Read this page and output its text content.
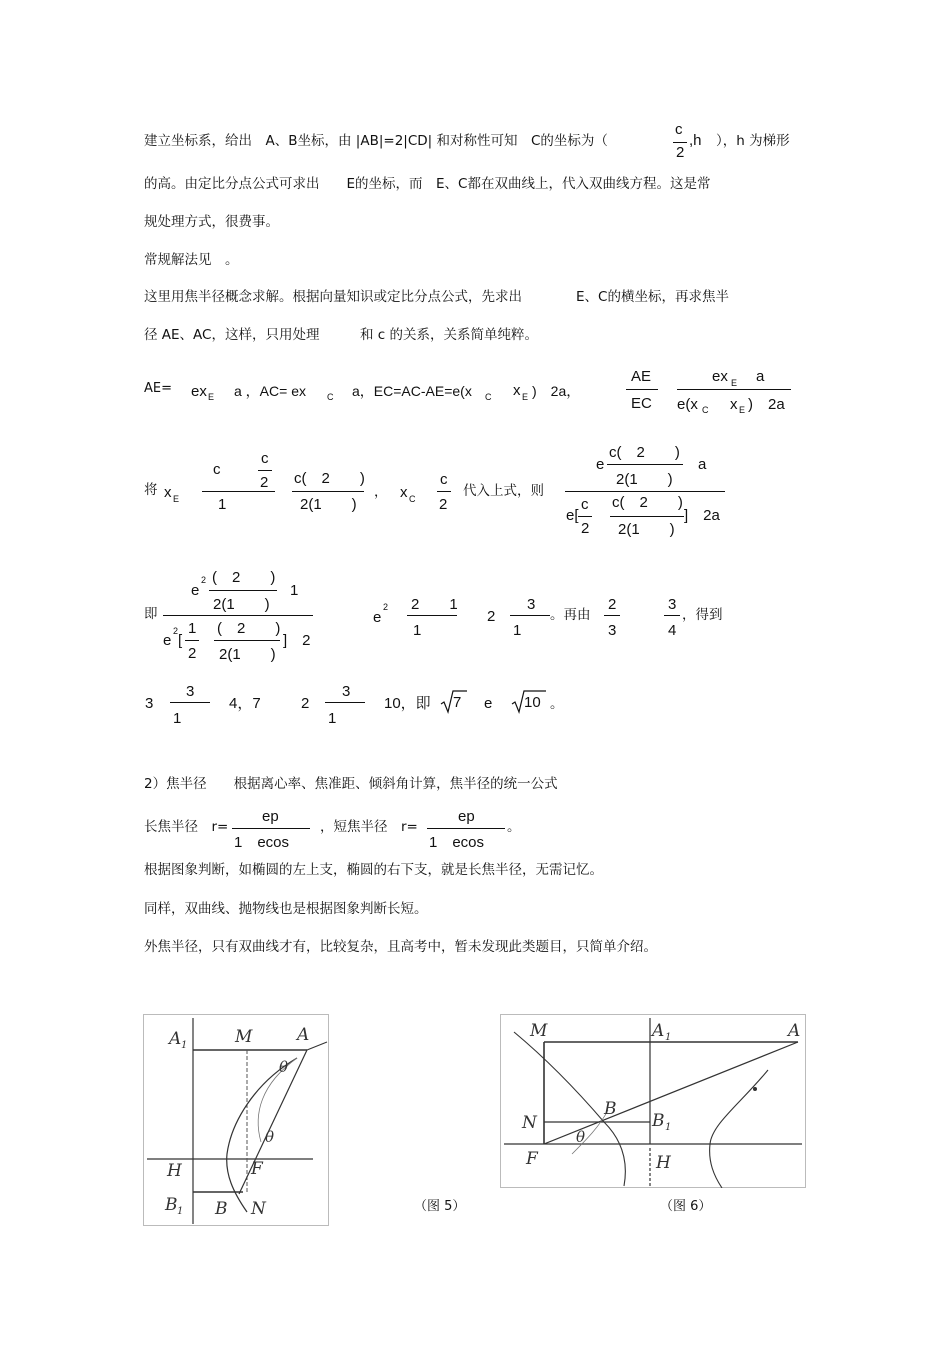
建立坐标系，给出　A、B坐标，由 |AB|=2|CD| 和对称性可知　C的坐标为（
c
2
,h ），h 为梯形
的高。由定比分点公式可求出　　E的坐标，而　E、C都在双曲线上，代入双曲线方程。这是常
规处理方式，很费事。
常规解法见　。
这里用焦半径概念求解。根据向量知识或定比分点公式，先求出　　　　E、C的横坐标，再求焦半
径 AE、AC，这样，只用处理　　　和 c 的关系，关系简单纯粹。
AE= ex E a ，AC= ex C a，EC=AC-AE=e(x C x E )　2a，
AE
EC
ex E a
e(x C x E )　2a
将 x E
c
c
2
1
c(　2　　)
2(1　　)
， x C
c
2
代入上式，则
e
c(　2　　)
2(1　　)
a
e[
c
2
c(　2　　)
2(1　　)
]　2a
即
e
2 (　2　　)
2(1　　)
1
e
2
[
1
2
(　2　　)
2(1　　)
]　2
e
2 2　　1
1
2
3
1
。再由
2
3
3
4
，得到
3
3
1
4，7	2
3
1
10，即 7 e 10 。
2）焦半径　　根据离心率、焦准距、倾斜角计算，焦半径的统一公式
长焦半径　r=
ep
1　ecos
，短焦半径　r=
ep
1　ecos
。
根据图象判断，如椭圆的左上支，椭圆的右下支，就是长焦半径，无需记忆。
同样，双曲线、抛物线也是根据图象判断长短。
外焦半径，只有双曲线才有，比较复杂，且高考中，暂未发现此类题目，只简单介绍。
A 1	M	A
θ
θ
H	F
B 1 B N	（图 5）
M	A 1	A
N
B
B 1
θ
F	H
（图 6）
